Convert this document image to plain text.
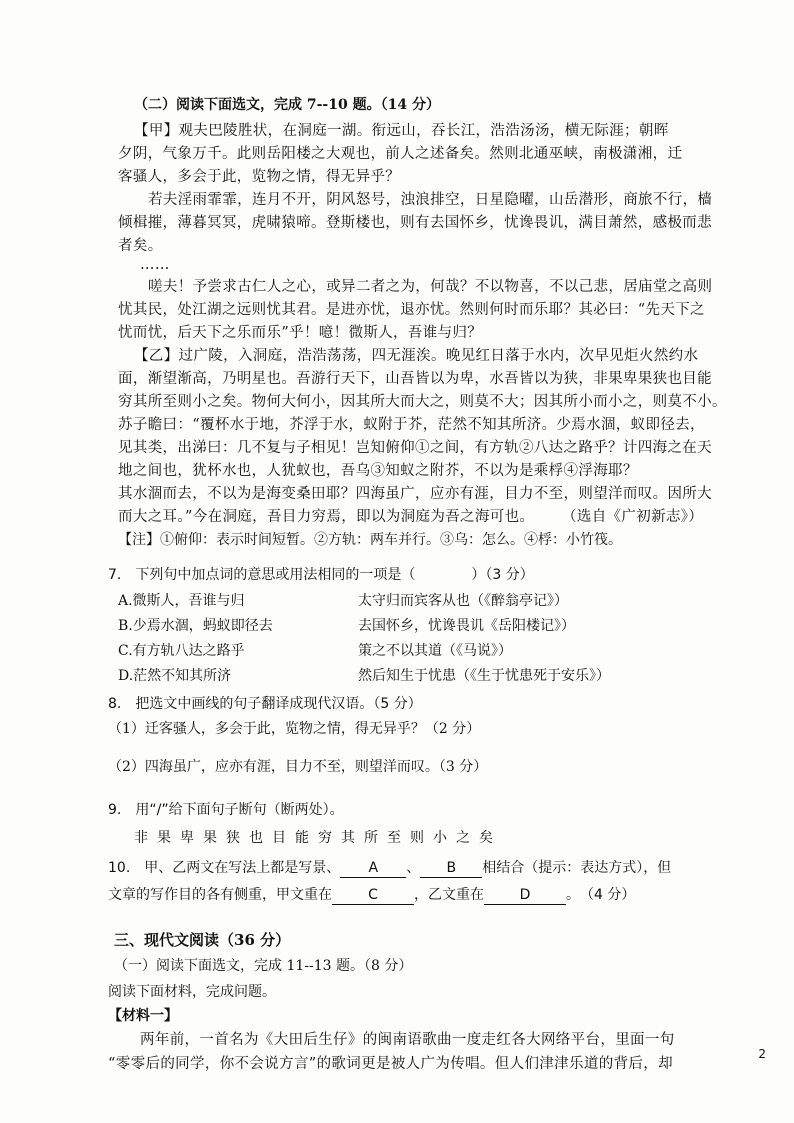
（二）阅读下面选文，完成 7--10 题。（14 分）
【甲】观夫巴陵胜状，在洞庭一湖。衔远山，吞长江，浩浩汤汤，横无际涯；朝晖
夕阴，气象万千。此则岳阳楼之大观也，前人之述备矣。然则北通巫峡，南极潇湘，迁
客骚人，多会于此，览物之情，得无异乎？
若夫淫雨霏霏，连月不开，阴风怒号，浊浪排空，日星隐曜，山岳潜形，商旅不行，樯
倾楫摧，薄暮冥冥，虎啸猿啼。登斯楼也，则有去国怀乡，忧谗畏讥，满目萧然，感极而悲
者矣。
……
嗟夫！予尝求古仁人之心，或异二者之为，何哉？不以物喜，不以己悲，居庙堂之高则
忧其民，处江湖之远则忧其君。是进亦忧，退亦忧。然则何时而乐耶？其必曰：“先天下之
忧而忧，后天下之乐而乐”乎！噫！微斯人，吾谁与归？
【乙】过广陵，入洞庭，浩浩荡荡，四无涯涘。晚见红日落于水内，次早见炬火然约水
面，渐望渐高，乃明星也。吾游行天下，山吾皆以为卑，水吾皆以为狭，非果卑果狭也目能
穷其所至则小之矣。物何大何小，因其所大而大之，则莫不大；因其所小而小之，则莫不小。
苏子瞻曰：“覆杯水于地，芥浮于水，蚁附于芥，茫然不知其所济。少焉水涸，蚁即径去，
见其类，出涕曰：几不复与子相见！岂知俯仰①之间，有方轨②八达之路乎？计四海之在天
地之间也，犹杯水也，人犹蚁也，吾乌③知蚁之附芥，不以为是乘桴④浮海耶？
其水涸而去，不以为是海变桑田耶？四海虽广，应亦有涯，目力不至，则望洋而叹。因所大
而大之耳。”今在洞庭，吾目力穷焉，即以为洞庭为吾之海可也。 （选自《广初新志》）
【注】①俯仰：表示时间短暂。②方轨：两车并行。③乌：怎么。④桴：小竹筏。
7.　下列句中加点词的意思或用法相同的一项是（　　　　）（3 分）
A.微斯人，吾谁与归	太守归而宾客从也（《醉翁亭记》）
B.少焉水涸，蚂蚁即径去	去国怀乡，忧谗畏讥《岳阳楼记》）
C.有方轨八达之路乎	策之不以其道（《马说》）
D.茫然不知其所济	然后知生于忧患（《生于忧患死于安乐》）
8.　把选文中画线的句子翻译成现代汉语。（5 分）
（1）迁客骚人，多会于此，览物之情，得无异乎？（2 分）
（2）四海虽广，应亦有涯，目力不至，则望洋而叹。（3 分）
9.　用“/”给下面句子断句（断两处）。
非果卑果狭也目能穷其所至则小之矣
10.　甲、乙两文在写法上都是写景、 A 、 B 相结合（提示：表达方式），但
文章的写作目的各有侧重，甲文重在	C	，乙文重在	D	。　（4 分）
三、现代文阅读（36 分）
（一）阅读下面选文，完成 11--13 题。（8 分）
阅读下面材料，完成问题。
【材料一】
两年前，一首名为《大田后生仔》的闽南语歌曲一度走红各大网络平台，里面一句
“零零后的同学，你不会说方言”的歌词更是被人广为传唱。但人们津津乐道的背后，却
2
